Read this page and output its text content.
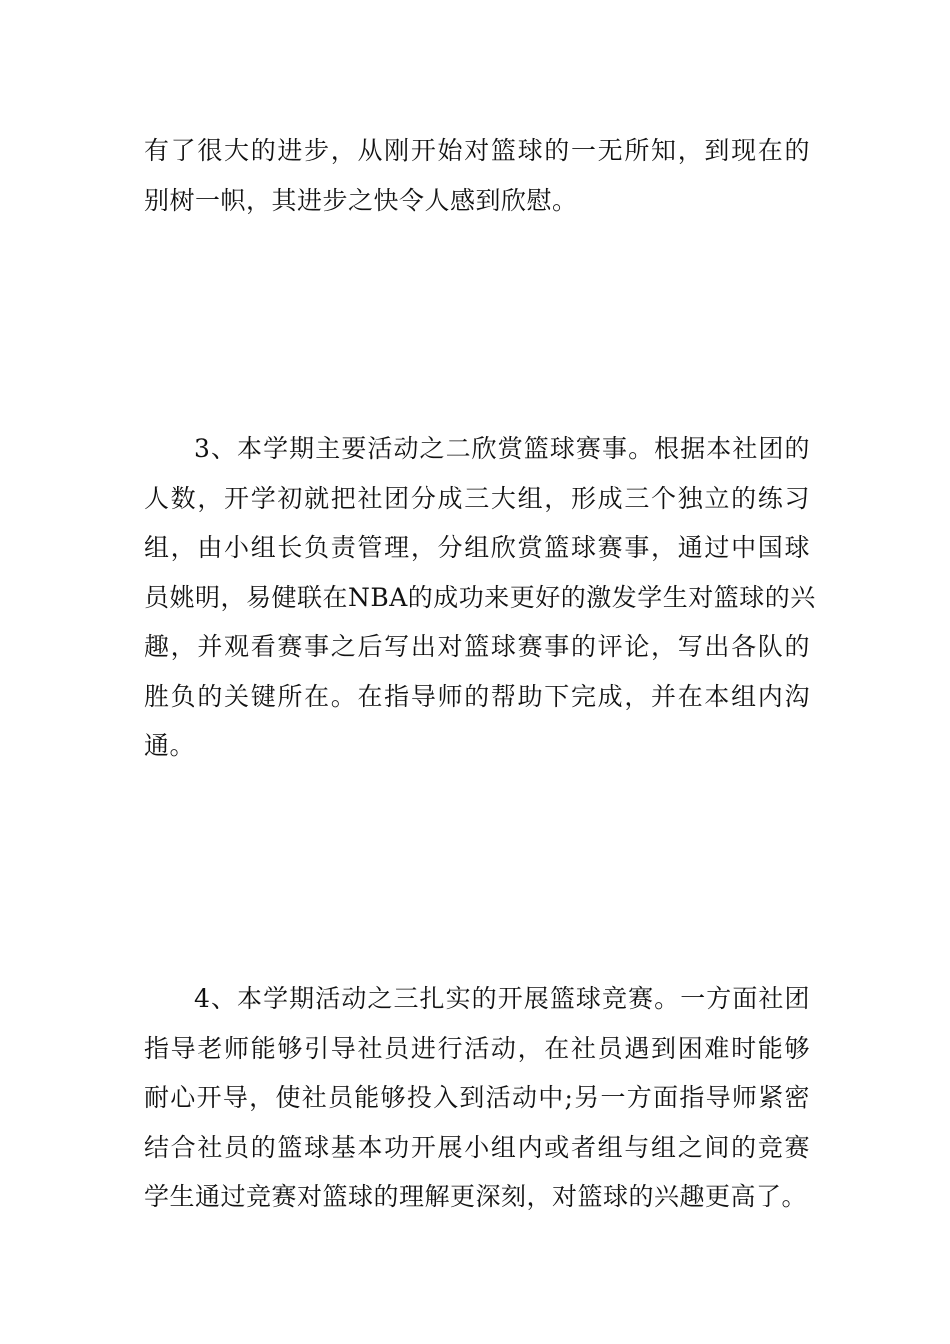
有了很大的进步，从刚开始对篮球的一无所知，到现在的
别树一帜，其进步之快令人感到欣慰。
3、本学期主要活动之二欣赏篮球赛事。根据本社团的
人数，开学初就把社团分成三大组，形成三个独立的练习
组，由小组长负责管理，分组欣赏篮球赛事，通过中国球
员姚明，易健联在NBA的成功来更好的激发学生对篮球的兴
趣，并观看赛事之后写出对篮球赛事的评论，写出各队的
胜负的关键所在。在指导师的帮助下完成，并在本组内沟
通。
4、本学期活动之三扎实的开展篮球竞赛。一方面社团
指导老师能够引导社员进行活动，在社员遇到困难时能够
耐心开导，使社员能够投入到活动中;另一方面指导师紧密
结合社员的篮球基本功开展小组内或者组与组之间的竞赛
学生通过竞赛对篮球的理解更深刻，对篮球的兴趣更高了。
